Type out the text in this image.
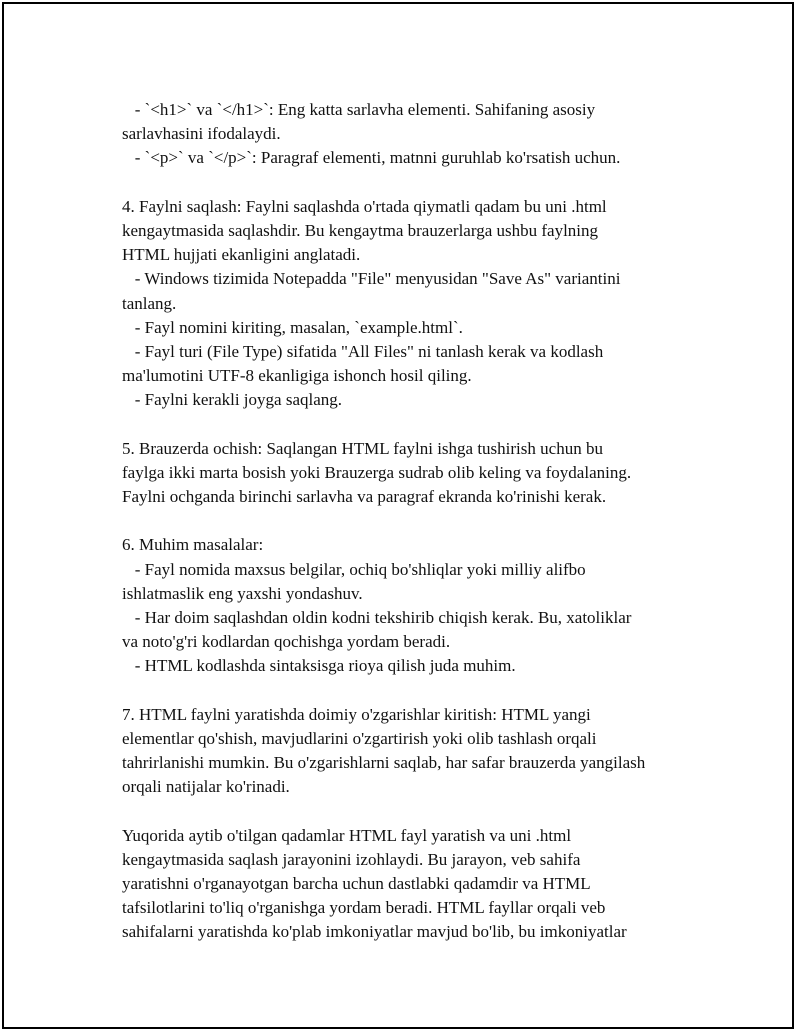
- `<h1>` va `</h1>`: Eng katta sarlavha elementi. Sahifaning asosiy
sarlavhasini ifodalaydi.
- `<p>` va `</p>`: Paragraf elementi, matnni guruhlab ko'rsatish uchun.
4. Faylni saqlash: Faylni saqlashda o'rtada qiymatli qadam bu uni .html
kengaytmasida saqlashdir. Bu kengaytma brauzerlarga ushbu faylning
HTML hujjati ekanligini anglatadi.
- Windows tizimida Notepadda "File" menyusidan "Save As" variantini
tanlang.
- Fayl nomini kiriting, masalan, `example.html`.
- Fayl turi (File Type) sifatida "All Files" ni tanlash kerak va kodlash
ma'lumotini UTF-8 ekanligiga ishonch hosil qiling.
- Faylni kerakli joyga saqlang.
5. Brauzerda ochish: Saqlangan HTML faylni ishga tushirish uchun bu
faylga ikki marta bosish yoki Brauzerga sudrab olib keling va foydalaning.
Faylni ochganda birinchi sarlavha va paragraf ekranda ko'rinishi kerak.
6. Muhim masalalar:
- Fayl nomida maxsus belgilar, ochiq bo'shliqlar yoki milliy alifbo
ishlatmaslik eng yaxshi yondashuv.
- Har doim saqlashdan oldin kodni tekshirib chiqish kerak. Bu, xatoliklar
va noto'g'ri kodlardan qochishga yordam beradi.
- HTML kodlashda sintaksisga rioya qilish juda muhim.
7. HTML faylni yaratishda doimiy o'zgarishlar kiritish: HTML yangi
elementlar qo'shish, mavjudlarini o'zgartirish yoki olib tashlash orqali
tahrirlanishi mumkin. Bu o'zgarishlarni saqlab, har safar brauzerda yangilash
orqali natijalar ko'rinadi.
Yuqorida aytib o'tilgan qadamlar HTML fayl yaratish va uni .html
kengaytmasida saqlash jarayonini izohlaydi. Bu jarayon, veb sahifa
yaratishni o'rganayotgan barcha uchun dastlabki qadamdir va HTML
tafsilotlarini to'liq o'rganishga yordam beradi. HTML fayllar orqali veb
sahifalarni yaratishda ko'plab imkoniyatlar mavjud bo'lib, bu imkoniyatlar
